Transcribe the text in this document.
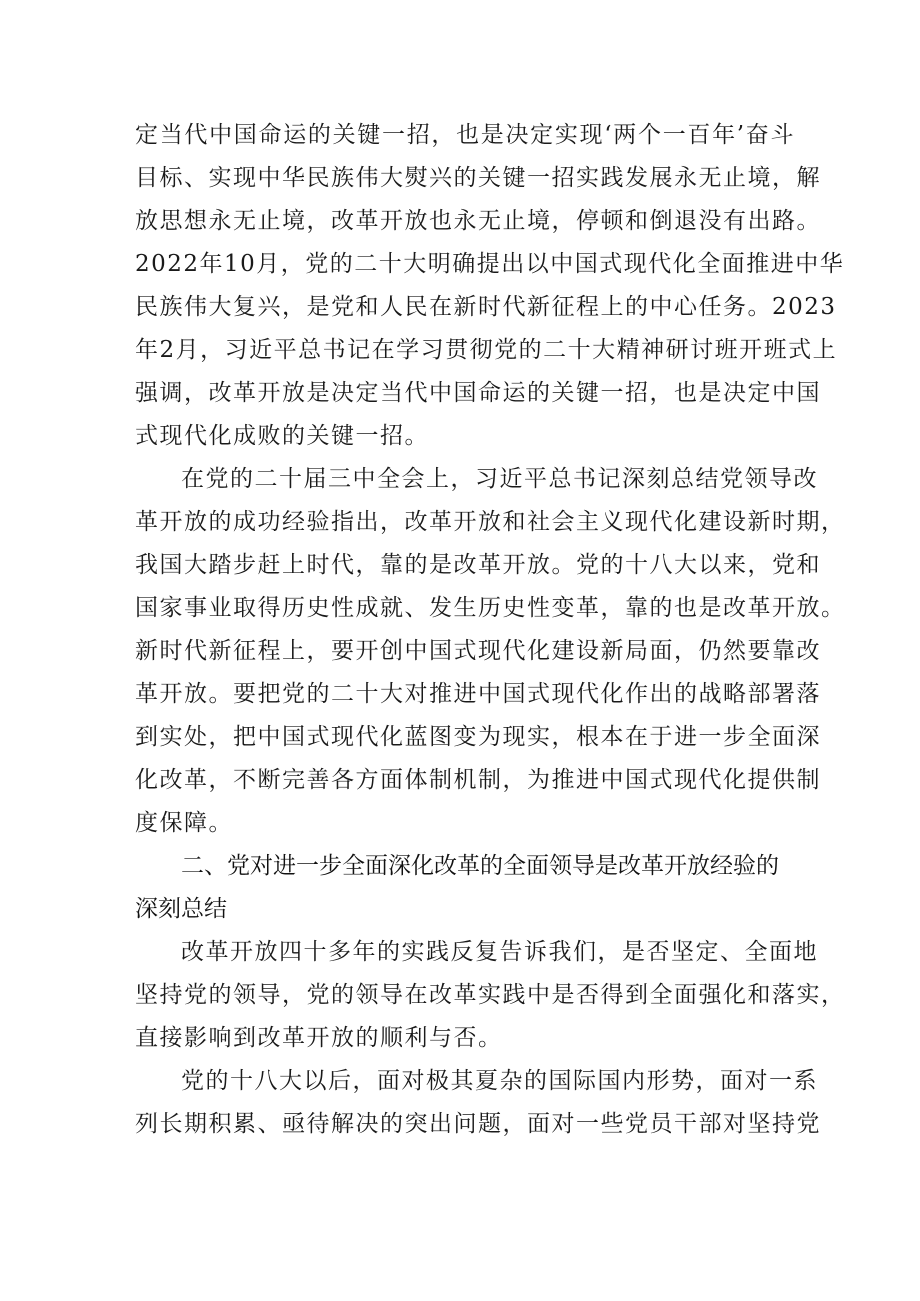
定当代中国命运的关键一招，也是决定实现‘两个一百年’奋斗
目标、实现中华民族伟大熨兴的关键一招实践发展永无止境，解
放思想永无止境，改革开放也永无止境，停顿和倒退没有出路。
2022年10月，党的二十大明确提出以中国式现代化全面推进中华
民族伟大复兴，是党和人民在新时代新征程上的中心任务。2023
年2月，习近平总书记在学习贯彻党的二十大精神研讨班开班式上
强调，改革开放是决定当代中国命运的关键一招，也是决定中国
式现代化成败的关键一招。
在党的二十届三中全会上，习近平总书记深刻总结党领导改
革开放的成功经验指出，改革开放和社会主义现代化建设新时期，
我国大踏步赶上时代，靠的是改革开放。党的十八大以来，党和
国家事业取得历史性成就、发生历史性变革，靠的也是改革开放。
新时代新征程上，要开创中国式现代化建设新局面，仍然要靠改
革开放。要把党的二十大对推进中国式现代化作出的战略部署落
到实处，把中国式现代化蓝图变为现实，根本在于进一步全面深
化改革，不断完善各方面体制机制，为推进中国式现代化提供制
度保障。
二、党对进一步全面深化改革的全面领导是改革开放经验的
深刻总结
改革开放四十多年的实践反复告诉我们，是否坚定、全面地
坚持党的领导，党的领导在改革实践中是否得到全面强化和落实，
直接影响到改革开放的顺利与否。
党的十八大以后，面对极其夏杂的国际国内形势，面对一系
列长期积累、亟待解决的突出问题，面对一些党员干部对坚持党
